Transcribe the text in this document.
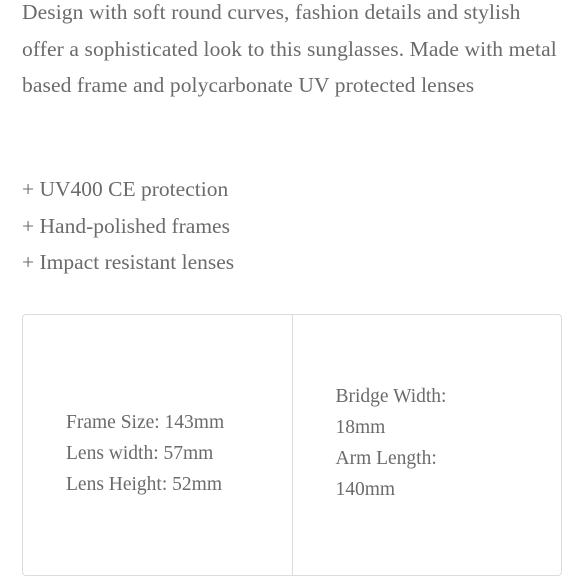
Design with soft round curves, fashion details and stylish offer a sophisticated look to this sunglasses. Made with metal based frame and polycarbonate UV protected lenses

+ UV400 CE protection
+ Hand-polished frames
+ Impact resistant lenses
Frame Size: 143mm
Lens width: 57mm
Lens Height: 52mm
Bridge Width:
18mm
Arm Length:
140mm
